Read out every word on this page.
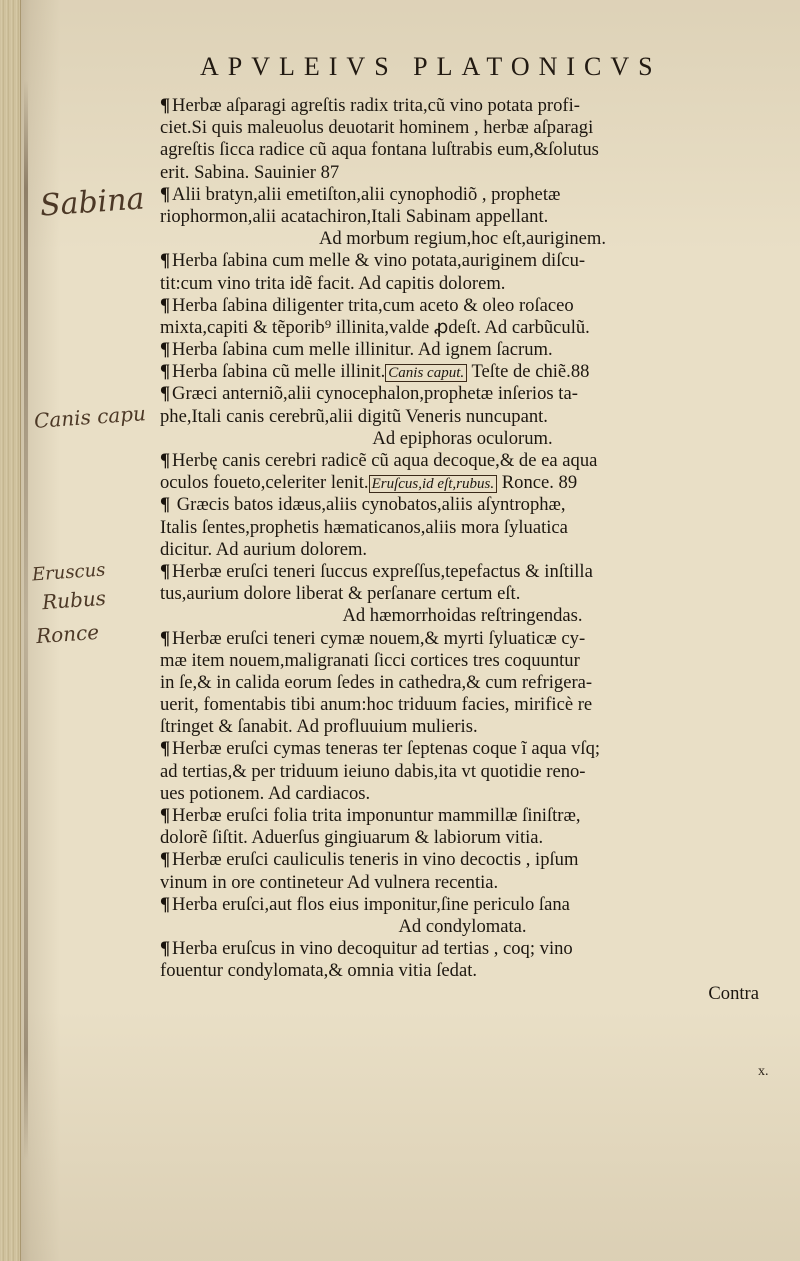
APVLEIVS PLATONICVS
Sabina
Canis capu
Eruscus
Rubus
Ronce
¶ Herbæ aſparagi agreſtis radix trita,cũ vino potata profi-
ciet.Si quis maleuolus deuotarit hominem , herbæ aſparagi
agreſtis ſicca radice cũ aqua fontana luſtrabis eum,&ſolutus
erit. Sabina. Sauinier 87
¶ Alii bratyn,alii emetiſton,alii cynophodiõ , prophetæ
riophormon,alii acatachiron,Itali Sabinam appellant.
Ad morbum regium,hoc eſt,auriginem.
¶ Herba ſabina cum melle & vino potata,auriginem diſcu-
tit:cum vino trita idẽ facit. Ad capitis dolorem.
¶ Herba ſabina diligenter trita,cum aceto & oleo roſaceo
mixta,capiti & tẽporib⁹ illinita,valde ꝓdeſt. Ad carbũculũ.
¶ Herba ſabina cum melle illinitur. Ad ignem ſacrum.
¶ Herba ſabina cũ melle illinit. Canis caput. Teſte de chiẽ.88
¶ Græci anterniõ,alii cynocephalon,prophetæ inſerios ta-
phe,Itali canis cerebrũ,alii digitũ Veneris nuncupant.
Ad epiphoras oculorum.
¶ Herbę canis cerebri radicẽ cũ aqua decoque,& de ea aqua
oculos foueto,celeriter lenit. Eruſcus,id eſt,rubus. Ronce. 89
¶ Græcis batos idæus,aliis cynobatos,aliis aſyntrophæ,
Italis ſentes,prophetis hæmaticanos,aliis mora ſyluatica
dicitur. Ad aurium dolorem.
¶ Herbæ eruſci teneri ſuccus expreſſus,tepefactus & inſtilla
tus,aurium dolore liberat & perſanare certum eſt.
Ad hæmorrhoidas reſtringendas.
¶ Herbæ eruſci teneri cymæ nouem,& myrti ſyluaticæ cy-
mæ item nouem,maligranati ſicci cortices tres coquuntur
in ſe,& in calida eorum ſedes in cathedra,& cum refrigera-
uerit, fomentabis tibi anum:hoc triduum facies, mirificè re
ſtringet & ſanabit. Ad profluuium mulieris.
¶ Herbæ eruſci cymas teneras ter ſeptenas coque ĩ aqua vſq;
ad tertias,& per triduum ieiuno dabis,ita vt quotidie reno-
ues potionem. Ad cardiacos.
¶ Herbæ eruſci folia trita imponuntur mammillæ ſiniſtræ,
dolorẽ ſiſtit. Aduerſus gingiuarum & labiorum vitia.
¶ Herbæ eruſci cauliculis teneris in vino decoctis , ipſum
vinum in ore contineteur Ad vulnera recentia.
¶ Herba eruſci,aut flos eius imponitur,ſine periculo ſana
Ad condylomata.
¶ Herba eruſcus in vino decoquitur ad tertias , coq; vino
fouentur condylomata,& omnia vitia ſedat.
Contra
x.
